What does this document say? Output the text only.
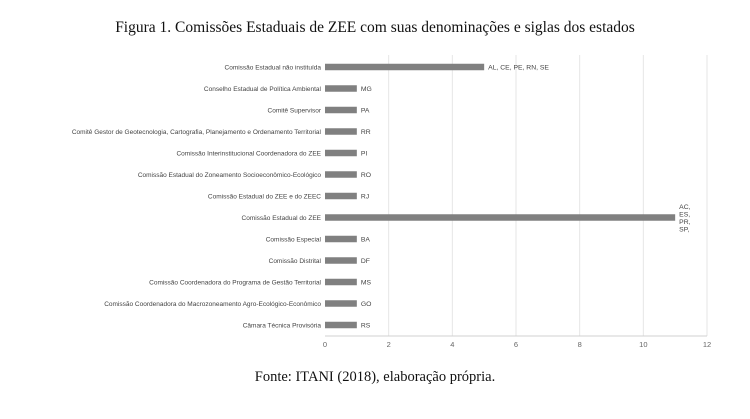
Figura 1. Comissões Estaduais de ZEE com suas denominações e siglas dos estados
0	2	4	6	8	10	12
Comissão Estadual não instituída	AL, CE, PE, RN, SE
Conselho Estadual de Política Ambiental	MG
Comitê Supervisor	PA
Comitê Gestor de Geotecnologia, Cartografia, Planejamento e Ordenamento Territorial	RR
Comissão Interinstitucional Coordenadora do ZEE	PI
Comissão Estadual do Zoneamento Socioeconômico-Ecológico	RO
Comissão Estadual do ZEE e do ZEEC	RJ
Comissão Estadual do ZEE
AC,
ES,
PR,
SP,
Comissão Especial	BA
Comissão Distrital	DF
Comissão Coordenadora do Programa de Gestão Territorial	MS
Comissão Coordenadora do Macrozoneamento Agro-Ecológico-Econômico	GO
Câmara Técnica Provisória	RS
Fonte: ITANI (2018), elaboração própria.
